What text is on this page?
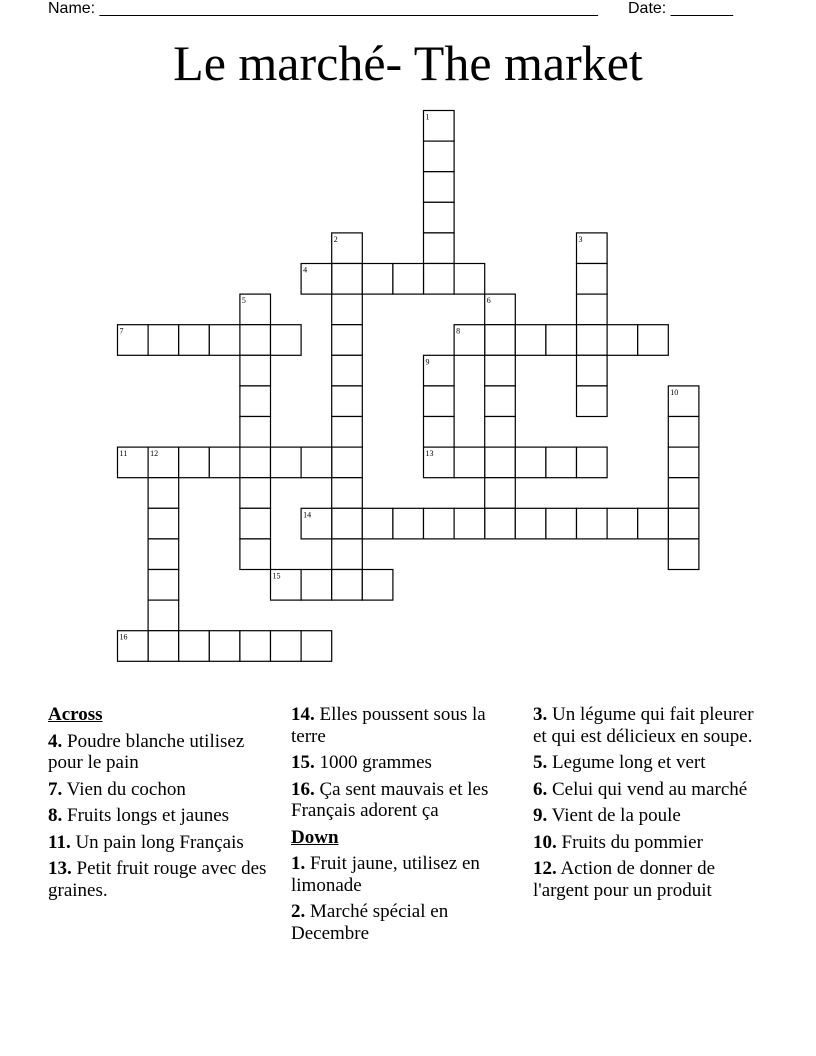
Name: ________________________________________________________ Date: _______
Le marché- The market
1
2	3
4
5	6
7	8
9
10
11	12	13
14
15
16
Across
4. Poudre blanche utilisez pour le pain
7. Vien du cochon
8. Fruits longs et jaunes
11. Un pain long Français
13. Petit fruit rouge avec des graines.
14. Elles poussent sous la terre
15. 1000 grammes
16. Ça sent mauvais et les Français adorent ça
Down
1. Fruit jaune, utilisez en limonade
2. Marché spécial en Decembre
3. Un légume qui fait pleurer et qui est délicieux en soupe.
5. Legume long et vert
6. Celui qui vend au marché
9. Vient de la poule
10. Fruits du pommier
12. Action de donner de l'argent pour un produit
